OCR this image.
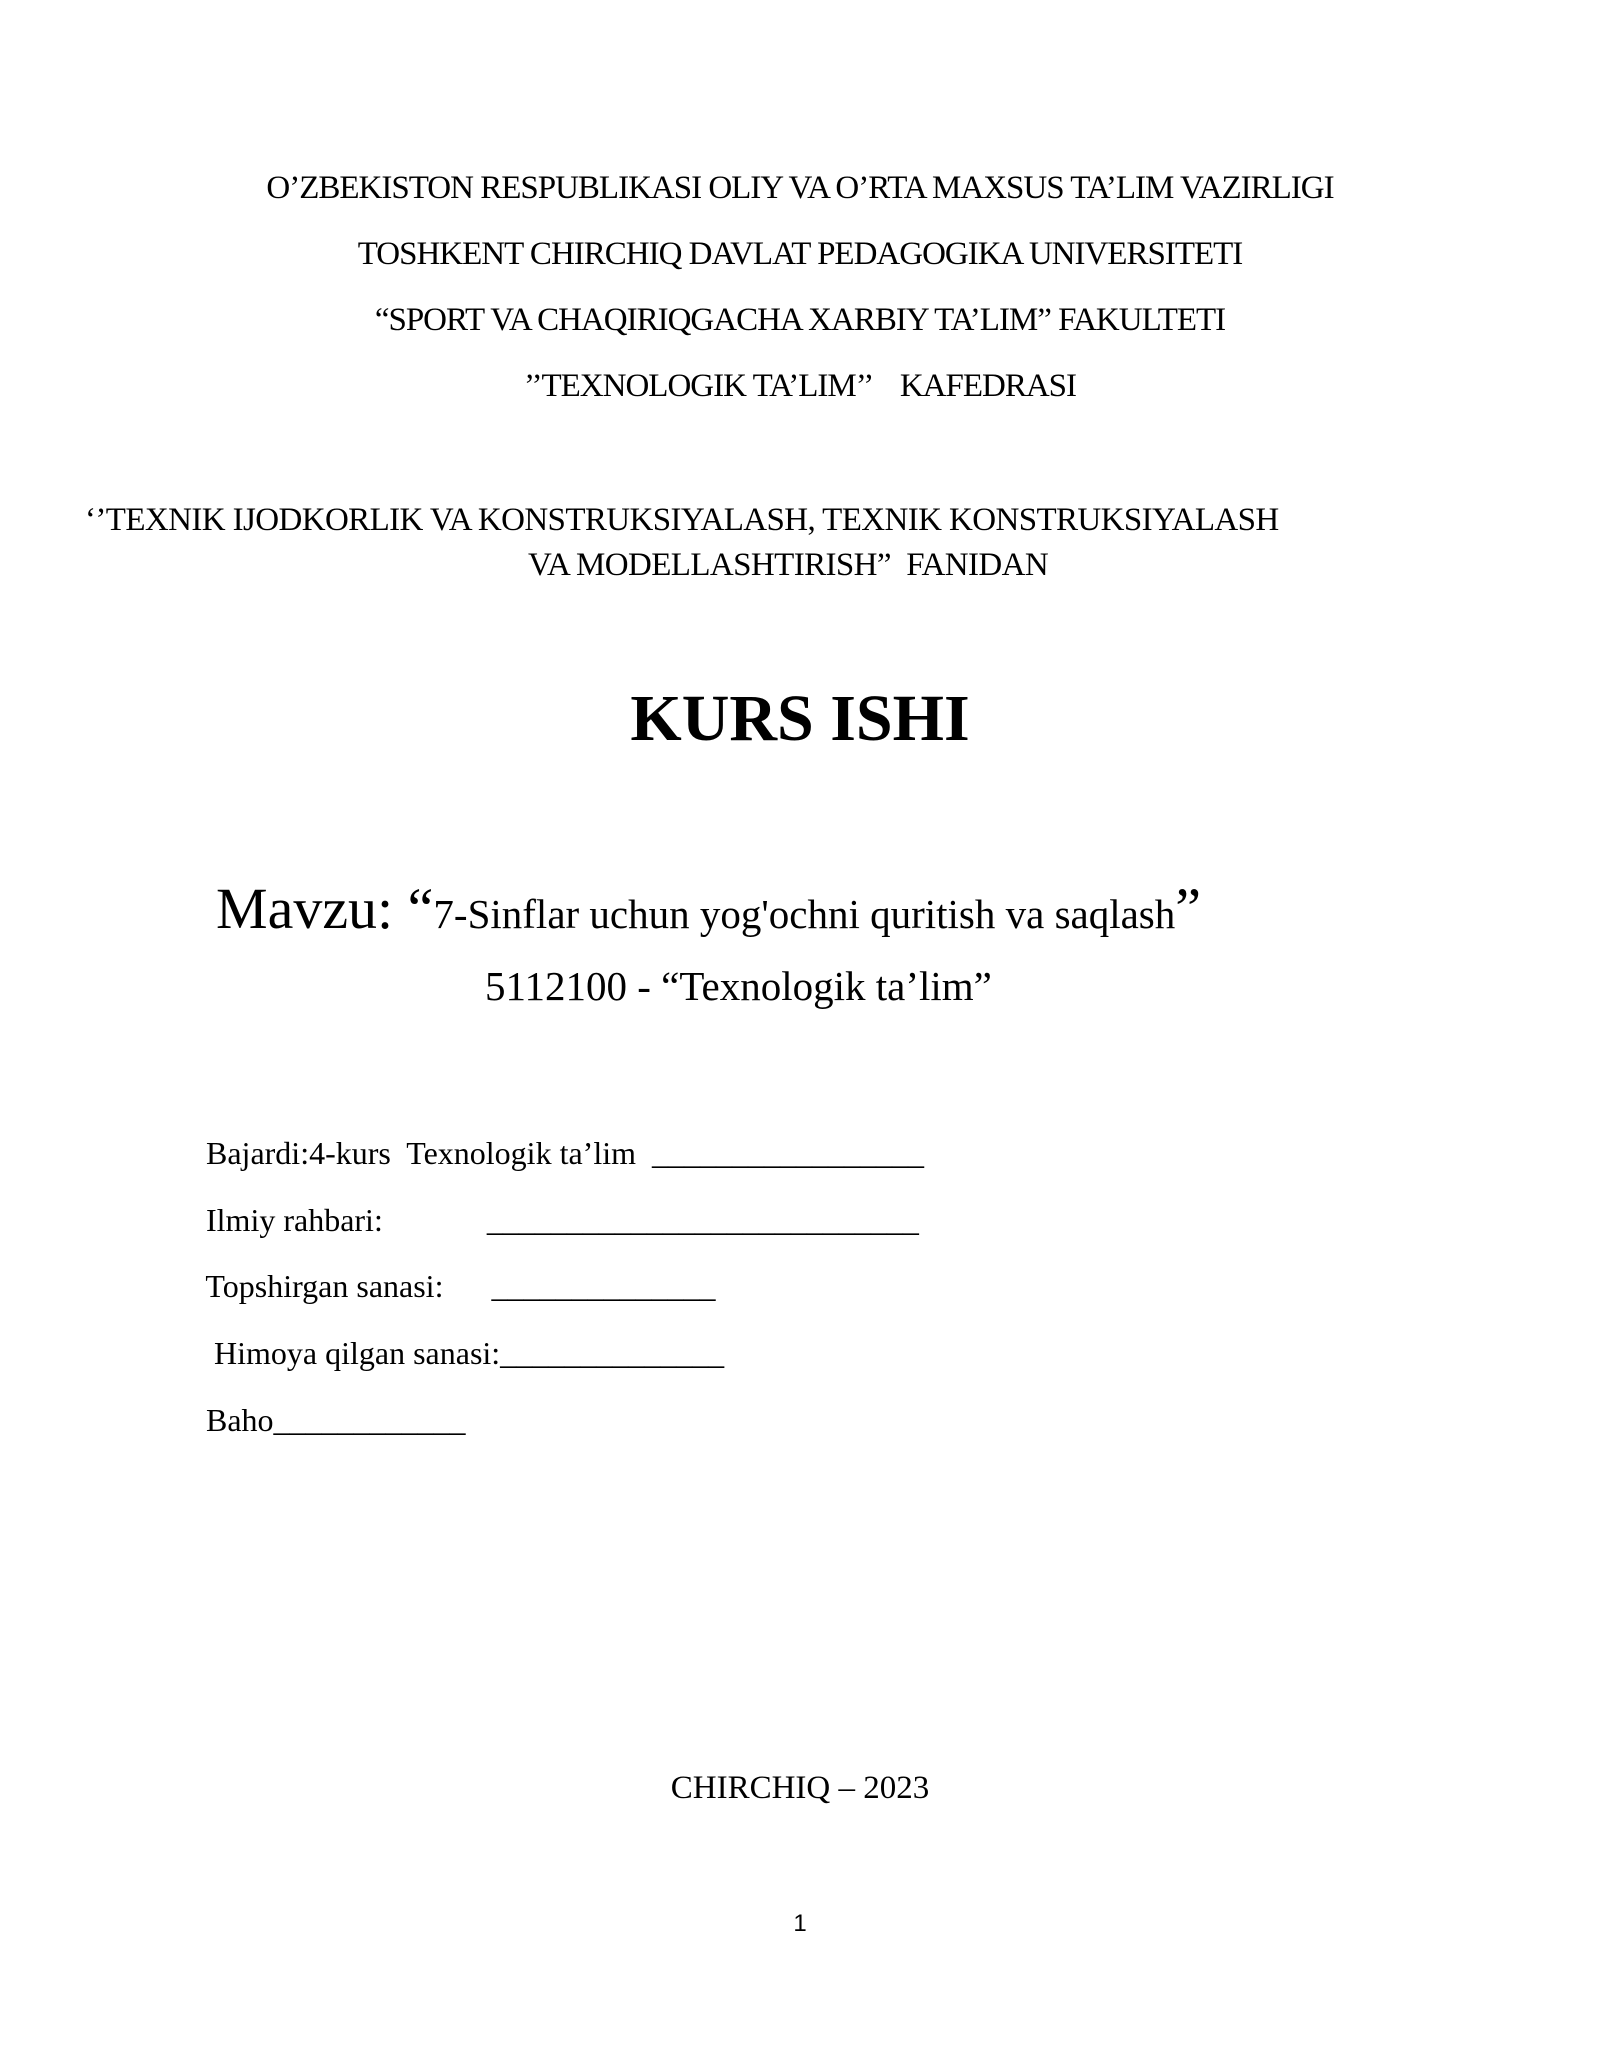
O’ZBEKISTON RESPUBLIKASI OLIY VA O’RTA MAXSUS TA’LIM VAZIRLIGI
TOSHKENT CHIRCHIQ DAVLAT PEDAGOGIKA UNIVERSITETI
“SPORT VA CHAQIRIQGACHA XARBIY TA’LIM” FAKULTETI
’’TEXNOLOGIK TA’LIM’’    KAFEDRASI
‘’TEXNIK IJODKORLIK VA KONSTRUKSIYALASH, TEXNIK KONSTRUKSIYALASH
VA MODELLASHTIRISH”  FANIDAN
KURS ISHI

Mavzu: “7-Sinflar uchun yog'ochni quritish va saqlash”

5112100 - “Texnologik ta’lim”

Bajardi:4-kurs  Texnologik ta’lim  _________________

Ilmiy rahbari:             ___________________________

Topshirgan sanasi:      ______________

Himoya qilgan sanasi:______________

Baho____________

CHIRCHIQ – 2023
1
